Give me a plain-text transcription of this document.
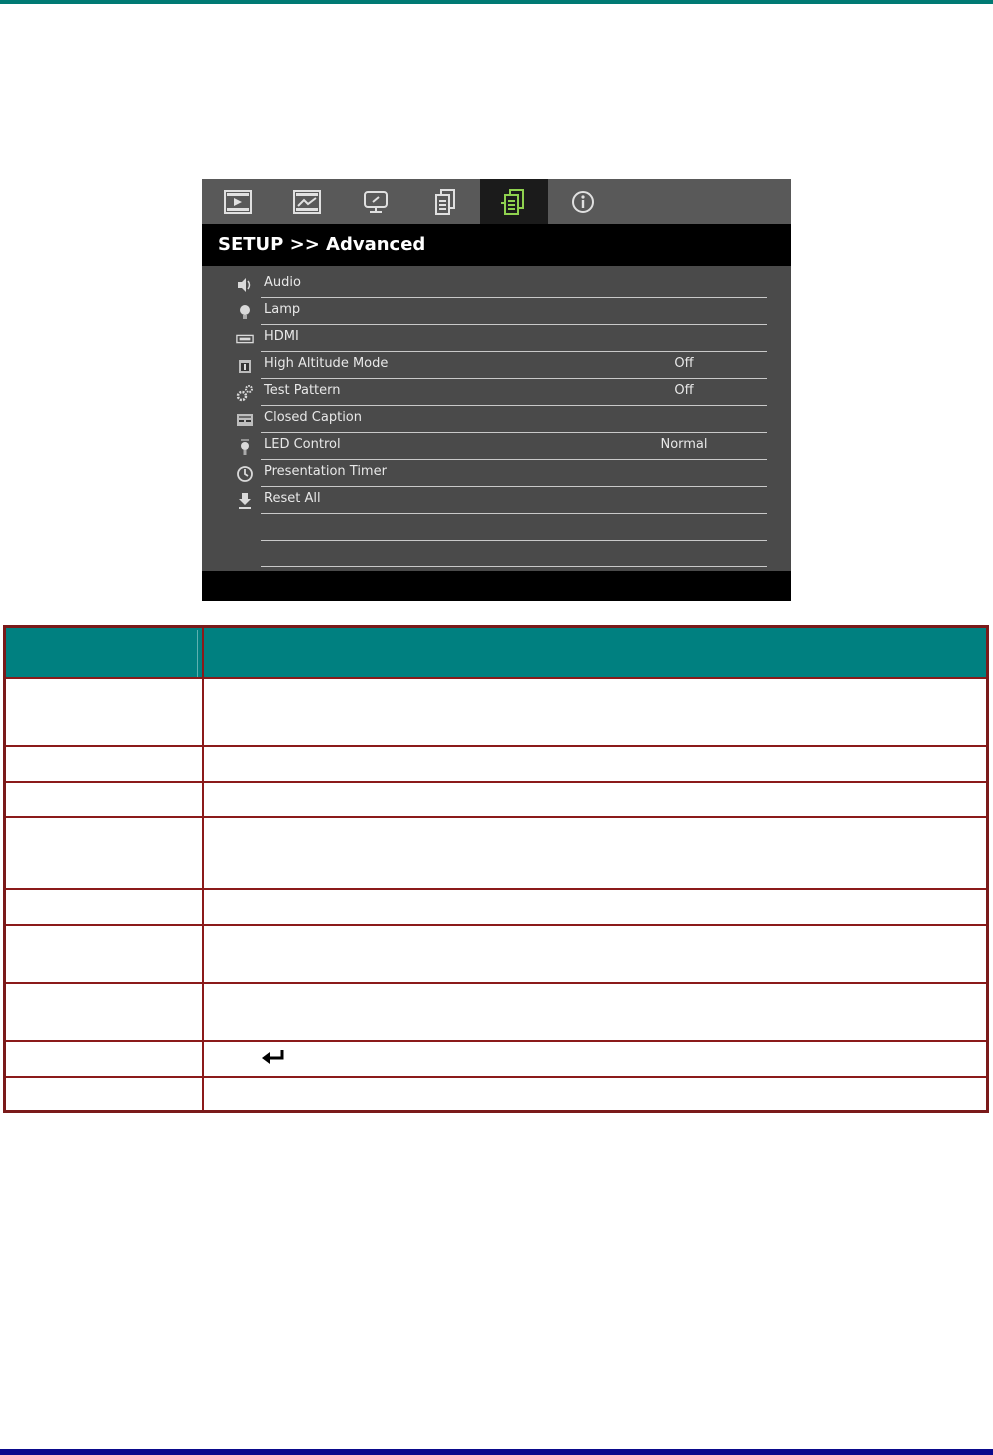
SETUP >> Advanced
Audio
Lamp
HDMI
High Altitude Mode	Off
Test Pattern	Off
Closed Caption
LED Control	Normal
Presentation Timer
Reset All
